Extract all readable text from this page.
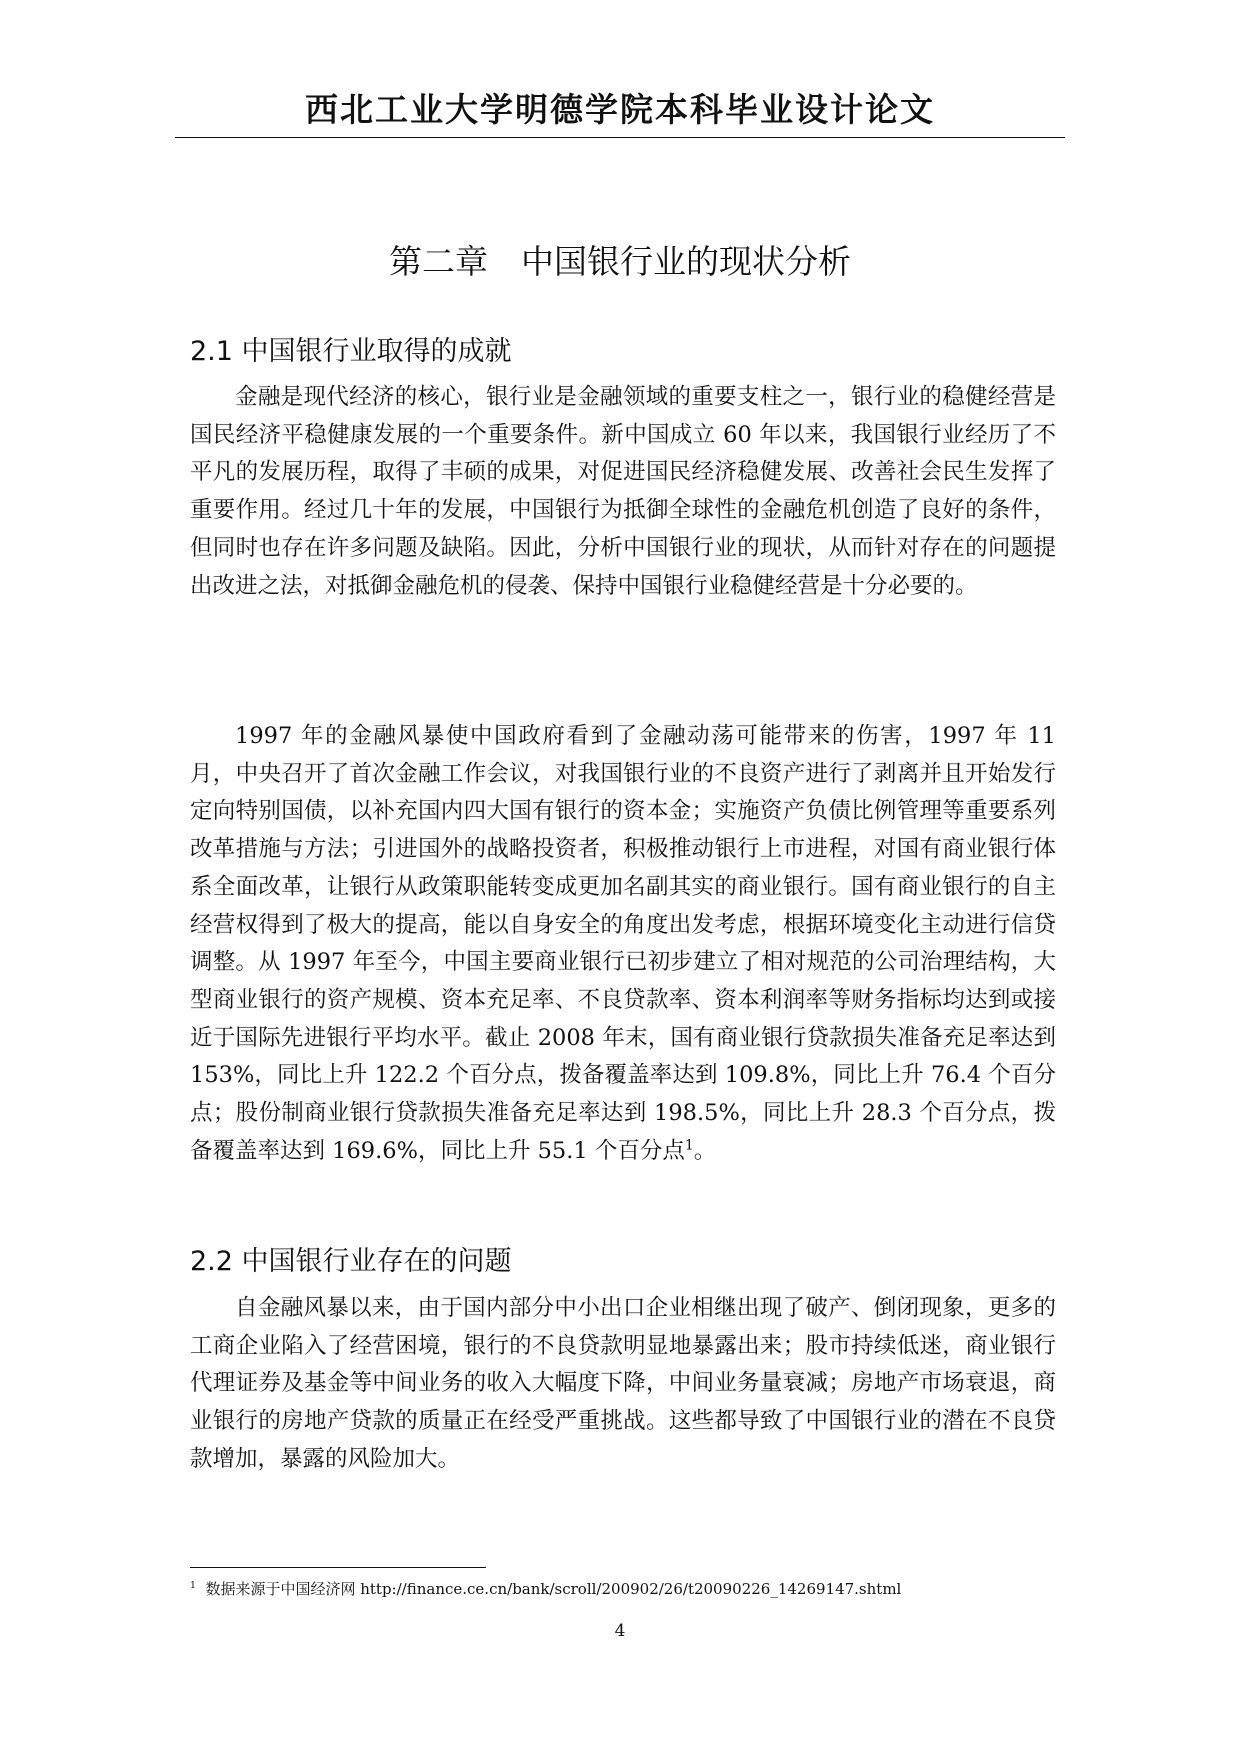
西北工业大学明德学院本科毕业设计论文
第二章　中国银行业的现状分析
2.1 中国银行业取得的成就

金融是现代经济的核心，银行业是金融领域的重要支柱之一，银行业的稳健经营是国民经济平稳健康发展的一个重要条件。新中国成立 60 年以来，我国银行业经历了不平凡的发展历程，取得了丰硕的成果，对促进国民经济稳健发展、改善社会民生发挥了重要作用。经过几十年的发展，中国银行为抵御全球性的金融危机创造了良好的条件，但同时也存在许多问题及缺陷。因此，分析中国银行业的现状，从而针对存在的问题提出改进之法，对抵御金融危机的侵袭、保持中国银行业稳健经营是十分必要的。

1997 年的金融风暴使中国政府看到了金融动荡可能带来的伤害，1997 年 11 月，中央召开了首次金融工作会议，对我国银行业的不良资产进行了剥离并且开始发行定向特别国债，以补充国内四大国有银行的资本金；实施资产负债比例管理等重要系列改革措施与方法；引进国外的战略投资者，积极推动银行上市进程，对国有商业银行体系全面改革，让银行从政策职能转变成更加名副其实的商业银行。国有商业银行的自主经营权得到了极大的提高，能以自身安全的角度出发考虑，根据环境变化主动进行信贷调整。从 1997 年至今，中国主要商业银行已初步建立了相对规范的公司治理结构，大型商业银行的资产规模、资本充足率、不良贷款率、资本利润率等财务指标均达到或接近于国际先进银行平均水平。截止 2008 年末，国有商业银行贷款损失准备充足率达到 153%，同比上升 122.2 个百分点，拨备覆盖率达到 109.8%，同比上升 76.4 个百分点；股份制商业银行贷款损失准备充足率达到 198.5%，同比上升 28.3 个百分点，拨备覆盖率达到 169.6%，同比上升 55.1 个百分点$^1$。

2.2 中国银行业存在的问题

自金融风暴以来，由于国内部分中小出口企业相继出现了破产、倒闭现象，更多的工商企业陷入了经营困境，银行的不良贷款明显地暴露出来；股市持续低迷，商业银行代理证券及基金等中间业务的收入大幅度下降，中间业务量衰减；房地产市场衰退，商业银行的房地产贷款的质量正在经受严重挑战。这些都导致了中国银行业的潜在不良贷款增加，暴露的风险加大。

$^1$ 数据来源于中国经济网 http://finance.ce.cn/bank/scroll/200902/26/t20090226_14269147.shtml
4
